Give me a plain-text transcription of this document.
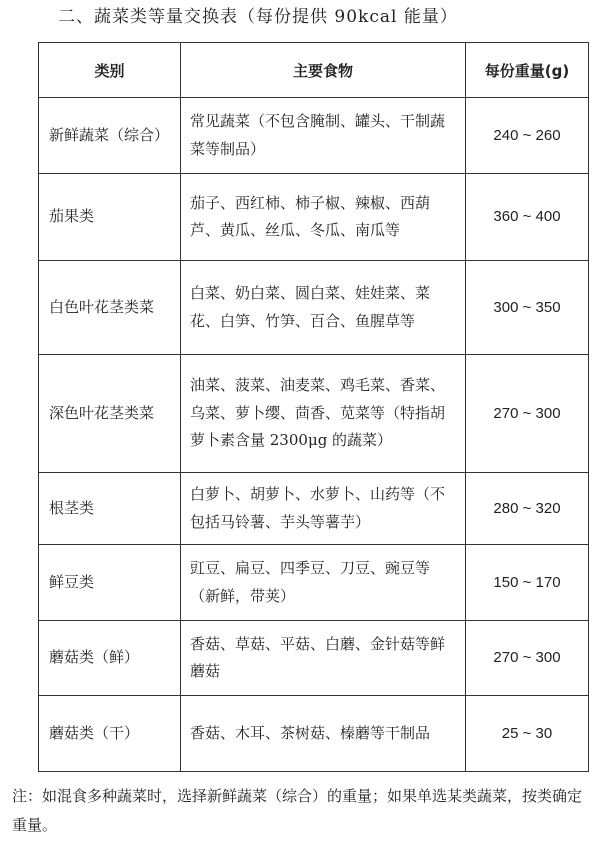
二、蔬菜类等量交换表（每份提供 90kcal 能量）
类别	主要食物	每份重量(g)
新鲜蔬菜（综合）	常见蔬菜（不包含腌制、罐头、干制蔬菜等制品）	240 ~ 260
茄果类	茄子、西红柿、柿子椒、辣椒、西葫芦、黄瓜、丝瓜、冬瓜、南瓜等	360 ~ 400
白色叶花茎类菜	白菜、奶白菜、圆白菜、娃娃菜、菜花、白笋、竹笋、百合、鱼腥草等	300 ~ 350
深色叶花茎类菜	油菜、菠菜、油麦菜、鸡毛菜、香菜、乌菜、萝卜缨、茴香、苋菜等（特指胡萝卜素含量 2300μg 的蔬菜）	270 ~ 300
根茎类	白萝卜、胡萝卜、水萝卜、山药等（不包括马铃薯、芋头等薯芋）	280 ~ 320
鲜豆类	豇豆、扁豆、四季豆、刀豆、豌豆等（新鲜，带荚）	150 ~ 170
蘑菇类（鲜）	香菇、草菇、平菇、白蘑、金针菇等鲜蘑菇	270 ~ 300
蘑菇类（干）	香菇、木耳、茶树菇、榛蘑等干制品	25 ~ 30
注：如混食多种蔬菜时，选择新鲜蔬菜（综合）的重量；如果单选某类蔬菜，按类确定重量。
